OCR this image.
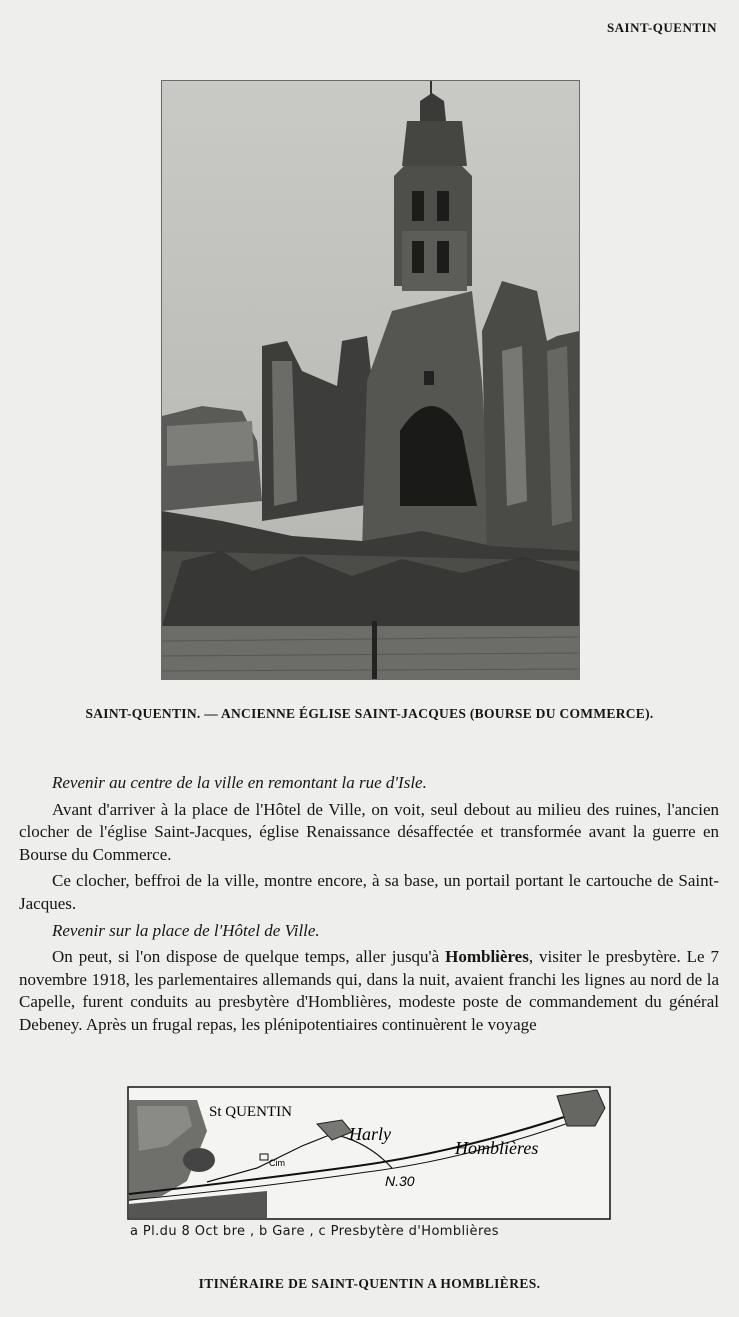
SAINT-QUENTIN
SAINT-QUENTIN. — ANCIENNE ÉGLISE SAINT-JACQUES (BOURSE DU COMMERCE).

Revenir au centre de la ville en remontant la rue d'Isle.

Avant d'arriver à la place de l'Hôtel de Ville, on voit, seul debout au milieu des ruines, l'ancien clocher de l'église Saint-Jacques, église Renaissance désaffectée et transformée avant la guerre en Bourse du Commerce.

Ce clocher, beffroi de la ville, montre encore, à sa base, un portail portant le cartouche de Saint-Jacques.

Revenir sur la place de l'Hôtel de Ville.

On peut, si l'on dispose de quelque temps, aller jusqu'à Homblières, visiter le presbytère. Le 7 novembre 1918, les parlementaires allemands qui, dans la nuit, avaient franchi les lignes au nord de la Capelle, furent conduits au presbytère d'Homblières, modeste poste de commandement du général Debeney. Après un frugal repas, les plénipotentiaires continuèrent le voyage

St QUENTIN
Harly
Homblières
N.30
Cim
a Pl.du 8 Oct bre , b Gare , c Presbytère d'Homblières
ITINÉRAIRE DE SAINT-QUENTIN A HOMBLIÈRES.
